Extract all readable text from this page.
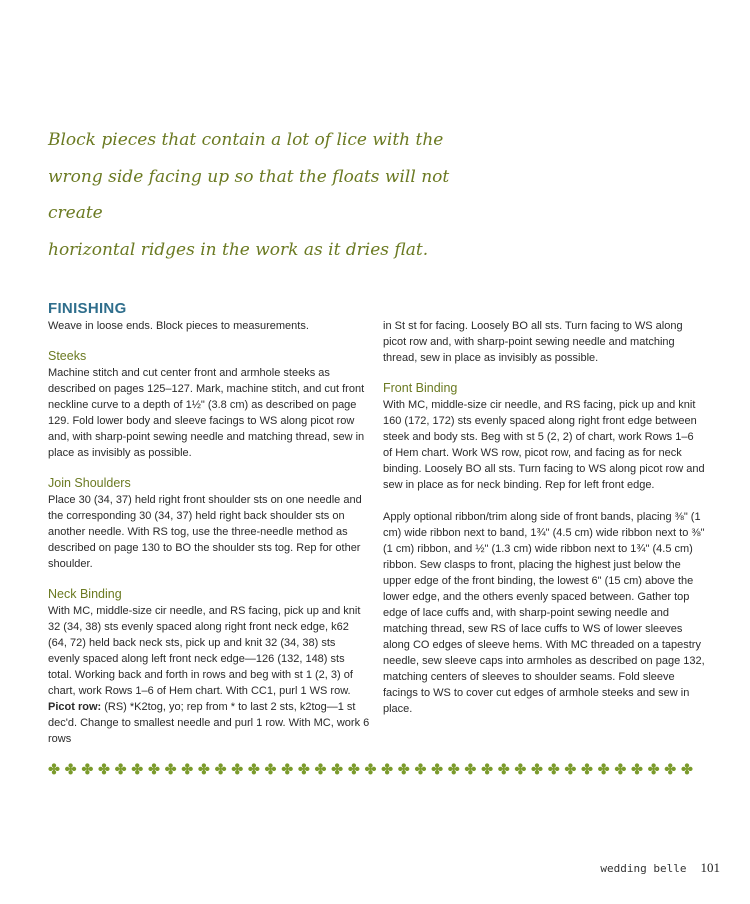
Block pieces that contain a lot of lice with the
wrong side facing up so that the floats will not create
horizontal ridges in the work as it dries flat.

FINISHING

Weave in loose ends. Block pieces to measurements.

Steeks

Machine stitch and cut center front and armhole steeks as described on pages 125–127. Mark, machine stitch, and cut front neckline curve to a depth of 1½" (3.8 cm) as described on page 129. Fold lower body and sleeve facings to WS along picot row and, with sharp-point sewing needle and matching thread, sew in place as invisibly as possible.

Join Shoulders

Place 30 (34, 37) held right front shoulder sts on one needle and the corresponding 30 (34, 37) held right back shoulder sts on another needle. With RS tog, use the three-needle method as described on page 130 to BO the shoulder sts tog. Rep for other shoulder.

Neck Binding

With MC, middle-size cir needle, and RS facing, pick up and knit 32 (34, 38) sts evenly spaced along right front neck edge, k62 (64, 72) held back neck sts, pick up and knit 32 (34, 38) sts evenly spaced along left front neck edge—126 (132, 148) sts total. Working back and forth in rows and beg with st 1 (2, 3) of chart, work Rows 1–6 of Hem chart. With CC1, purl 1 WS row. Picot row: (RS) *K2tog, yo; rep from * to last 2 sts, k2tog—1 st dec'd. Change to smallest needle and purl 1 row. With MC, work 6 rows

in St st for facing. Loosely BO all sts. Turn facing to WS along picot row and, with sharp-point sewing needle and matching thread, sew in place as invisibly as possible.

Front Binding

With MC, middle-size cir needle, and RS facing, pick up and knit 160 (172, 172) sts evenly spaced along right front edge between steek and body sts. Beg with st 5 (2, 2) of chart, work Rows 1–6 of Hem chart. Work WS row, picot row, and facing as for neck binding. Loosely BO all sts. Turn facing to WS along picot row and sew in place as for neck binding. Rep for left front edge.

Apply optional ribbon/trim along side of front bands, placing ⅜" (1 cm) wide ribbon next to band, 1¾" (4.5 cm) wide ribbon next to ⅜" (1 cm) ribbon, and ½" (1.3 cm) wide ribbon next to 1¾" (4.5 cm) ribbon. Sew clasps to front, placing the highest just below the upper edge of the front binding, the lowest 6" (15 cm) above the lower edge, and the others evenly spaced between. Gather top edge of lace cuffs and, with sharp-point sewing needle and matching thread, sew RS of lace cuffs to WS of lower sleeves along CO edges of sleeve hems. With MC threaded on a tapestry needle, sew sleeve caps into armholes as described on page 132, matching centers of sleeves to shoulder seams. Fold sleeve facings to WS to cover cut edges of armhole steeks and sew in place.

✤ ✤ ✤ ✤ ✤ ✤ ✤ ✤ ✤ ✤ ✤ ✤ ✤ ✤ ✤ ✤ ✤ ✤ ✤ ✤ ✤ ✤ ✤ ✤ ✤ ✤ ✤ ✤ ✤ ✤ ✤ ✤ ✤ ✤ ✤ ✤ ✤ ✤ ✤
wedding belle 101
